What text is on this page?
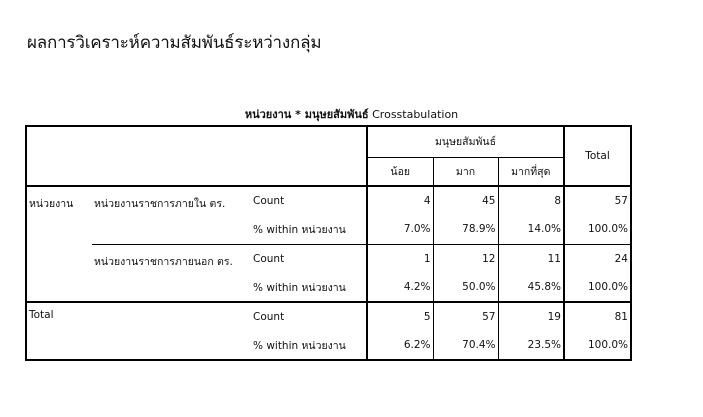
ผลการวิเคราะห์ความสัมพันธ์ระหว่างกลุ่ม
หน่วยงาน * มนุษยสัมพันธ์ Crosstabulation
			มนุษยสัมพันธ์			Total
			น้อย	มาก	มากที่สุด	
หน่วยงาน	หน่วยงานราชการภายใน ตร.	Count	4	45	8	57
		% within หน่วยงาน	7.0%	78.9%	14.0%	100.0%
	หน่วยงานราชการภายนอก ตร.	Count	1	12	11	24
		% within หน่วยงาน	4.2%	50.0%	45.8%	100.0%
Total		Count	5	57	19	81
		% within หน่วยงาน	6.2%	70.4%	23.5%	100.0%
